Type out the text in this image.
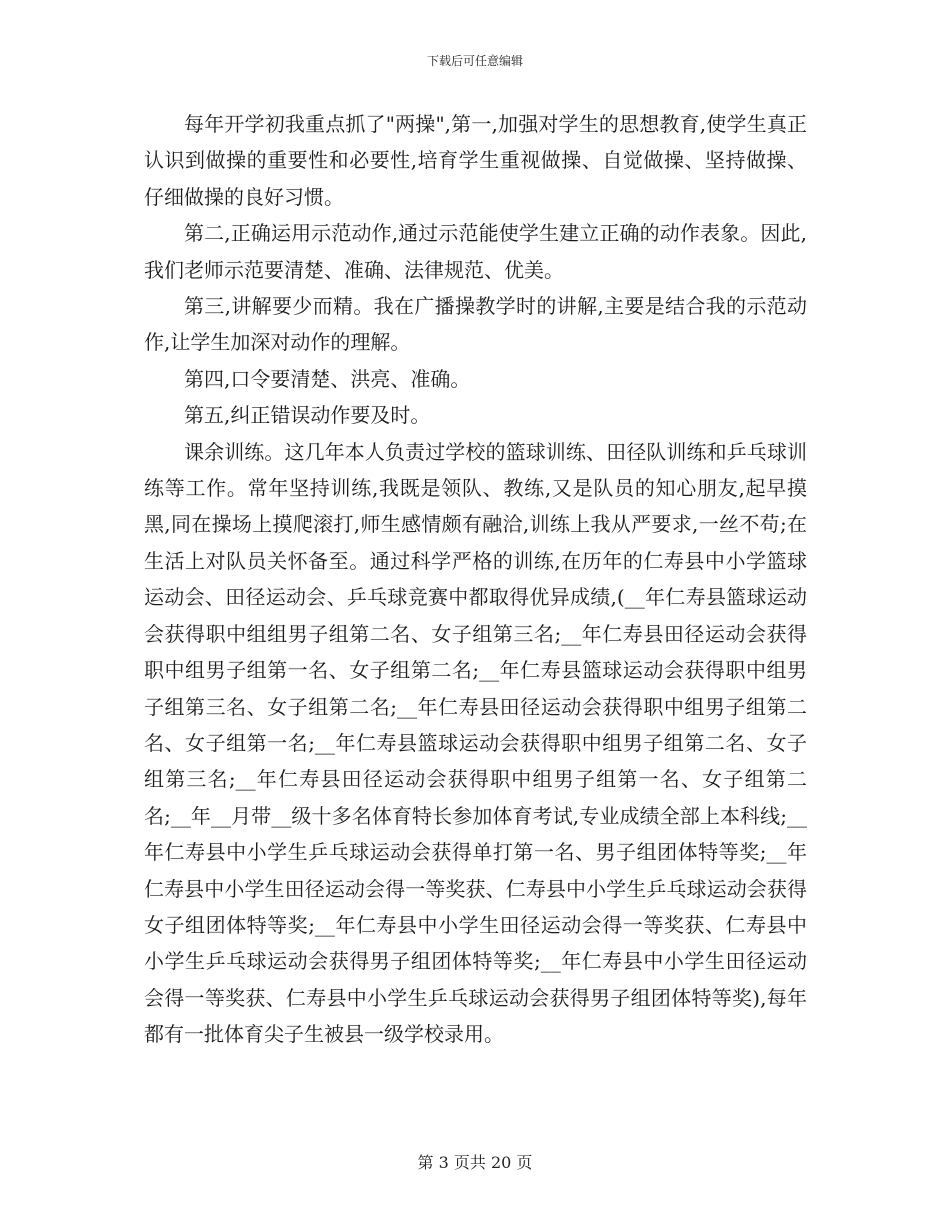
下载后可任意编辑

每年开学初我重点抓了"两操",第一,加强对学生的思想教育,使学生真正认识到做操的重要性和必要性,培育学生重视做操、自觉做操、坚持做操、仔细做操的良好习惯。

第二,正确运用示范动作,通过示范能使学生建立正确的动作表象。因此,我们老师示范要清楚、准确、法律规范、优美。

第三,讲解要少而精。我在广播操教学时的讲解,主要是结合我的示范动作,让学生加深对动作的理解。

第四,口令要清楚、洪亮、准确。

第五,纠正错误动作要及时。

课余训练。这几年本人负责过学校的篮球训练、田径队训练和乒乓球训练等工作。常年坚持训练,我既是领队、教练,又是队员的知心朋友,起早摸黑,同在操场上摸爬滚打,师生感情颇有融洽,训练上我从严要求,一丝不苟;在生活上对队员关怀备至。通过科学严格的训练,在历年的仁寿县中小学篮球运动会、田径运动会、乒乓球竞赛中都取得优异成绩,(__年仁寿县篮球运动会获得职中组组男子组第二名、女子组第三名;__年仁寿县田径运动会获得职中组男子组第一名、女子组第二名;__年仁寿县篮球运动会获得职中组男子组第三名、女子组第二名;__年仁寿县田径运动会获得职中组男子组第二名、女子组第一名;__年仁寿县篮球运动会获得职中组男子组第二名、女子组第三名;__年仁寿县田径运动会获得职中组男子组第一名、女子组第二名;__年__月带__级十多名体育特长参加体育考试,专业成绩全部上本科线;__年仁寿县中小学生乒乓球运动会获得单打第一名、男子组团体特等奖;__年仁寿县中小学生田径运动会得一等奖获、仁寿县中小学生乒乓球运动会获得女子组团体特等奖;__年仁寿县中小学生田径运动会得一等奖获、仁寿县中小学生乒乓球运动会获得男子组团体特等奖;__年仁寿县中小学生田径运动会得一等奖获、仁寿县中小学生乒乓球运动会获得男子组团体特等奖),每年都有一批体育尖子生被县一级学校录用。

第 3 页共 20 页
